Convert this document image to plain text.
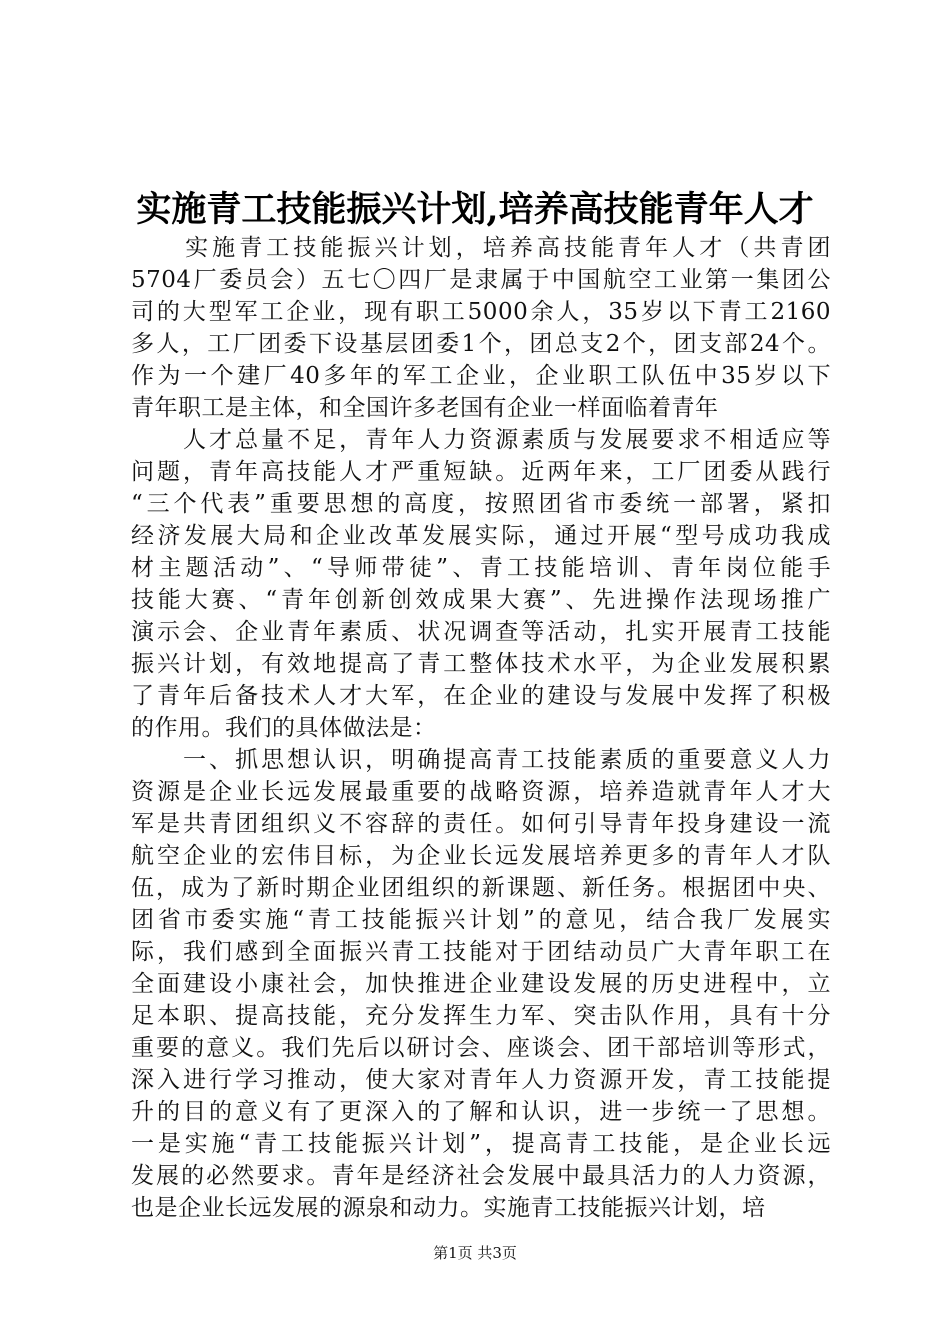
实施青工技能振兴计划,培养高技能青年人才
　　实施青工技能振兴计划，培养高技能青年人才（共青团
5704厂委员会）五七〇四厂是隶属于中国航空工业第一集团公
司的大型军工企业，现有职工5000余人，35岁以下青工2160
多人，工厂团委下设基层团委1个，团总支2个，团支部24个。
作为一个建厂40多年的军工企业，企业职工队伍中35岁以下
青年职工是主体，和全国许多老国有企业一样面临着青年
　　人才总量不足，青年人力资源素质与发展要求不相适应等
问题，青年高技能人才严重短缺。近两年来，工厂团委从践行
“三个代表”重要思想的高度，按照团省市委统一部署，紧扣
经济发展大局和企业改革发展实际，通过开展“型号成功我成
材主题活动”、“导师带徒”、青工技能培训、青年岗位能手
技能大赛、“青年创新创效成果大赛”、先进操作法现场推广
演示会、企业青年素质、状况调查等活动，扎实开展青工技能
振兴计划，有效地提高了青工整体技术水平，为企业发展积累
了青年后备技术人才大军，在企业的建设与发展中发挥了积极
的作用。我们的具体做法是：
　　一、抓思想认识，明确提高青工技能素质的重要意义人力
资源是企业长远发展最重要的战略资源，培养造就青年人才大
军是共青团组织义不容辞的责任。如何引导青年投身建设一流
航空企业的宏伟目标，为企业长远发展培养更多的青年人才队
伍，成为了新时期企业团组织的新课题、新任务。根据团中央、
团省市委实施“青工技能振兴计划”的意见，结合我厂发展实
际，我们感到全面振兴青工技能对于团结动员广大青年职工在
全面建设小康社会，加快推进企业建设发展的历史进程中，立
足本职、提高技能，充分发挥生力军、突击队作用，具有十分
重要的意义。我们先后以研讨会、座谈会、团干部培训等形式，
深入进行学习推动，使大家对青年人力资源开发，青工技能提
升的目的意义有了更深入的了解和认识，进一步统一了思想。
一是实施“青工技能振兴计划”，提高青工技能，是企业长远
发展的必然要求。青年是经济社会发展中最具活力的人力资源，
也是企业长远发展的源泉和动力。实施青工技能振兴计划，培
第1页 共3页
